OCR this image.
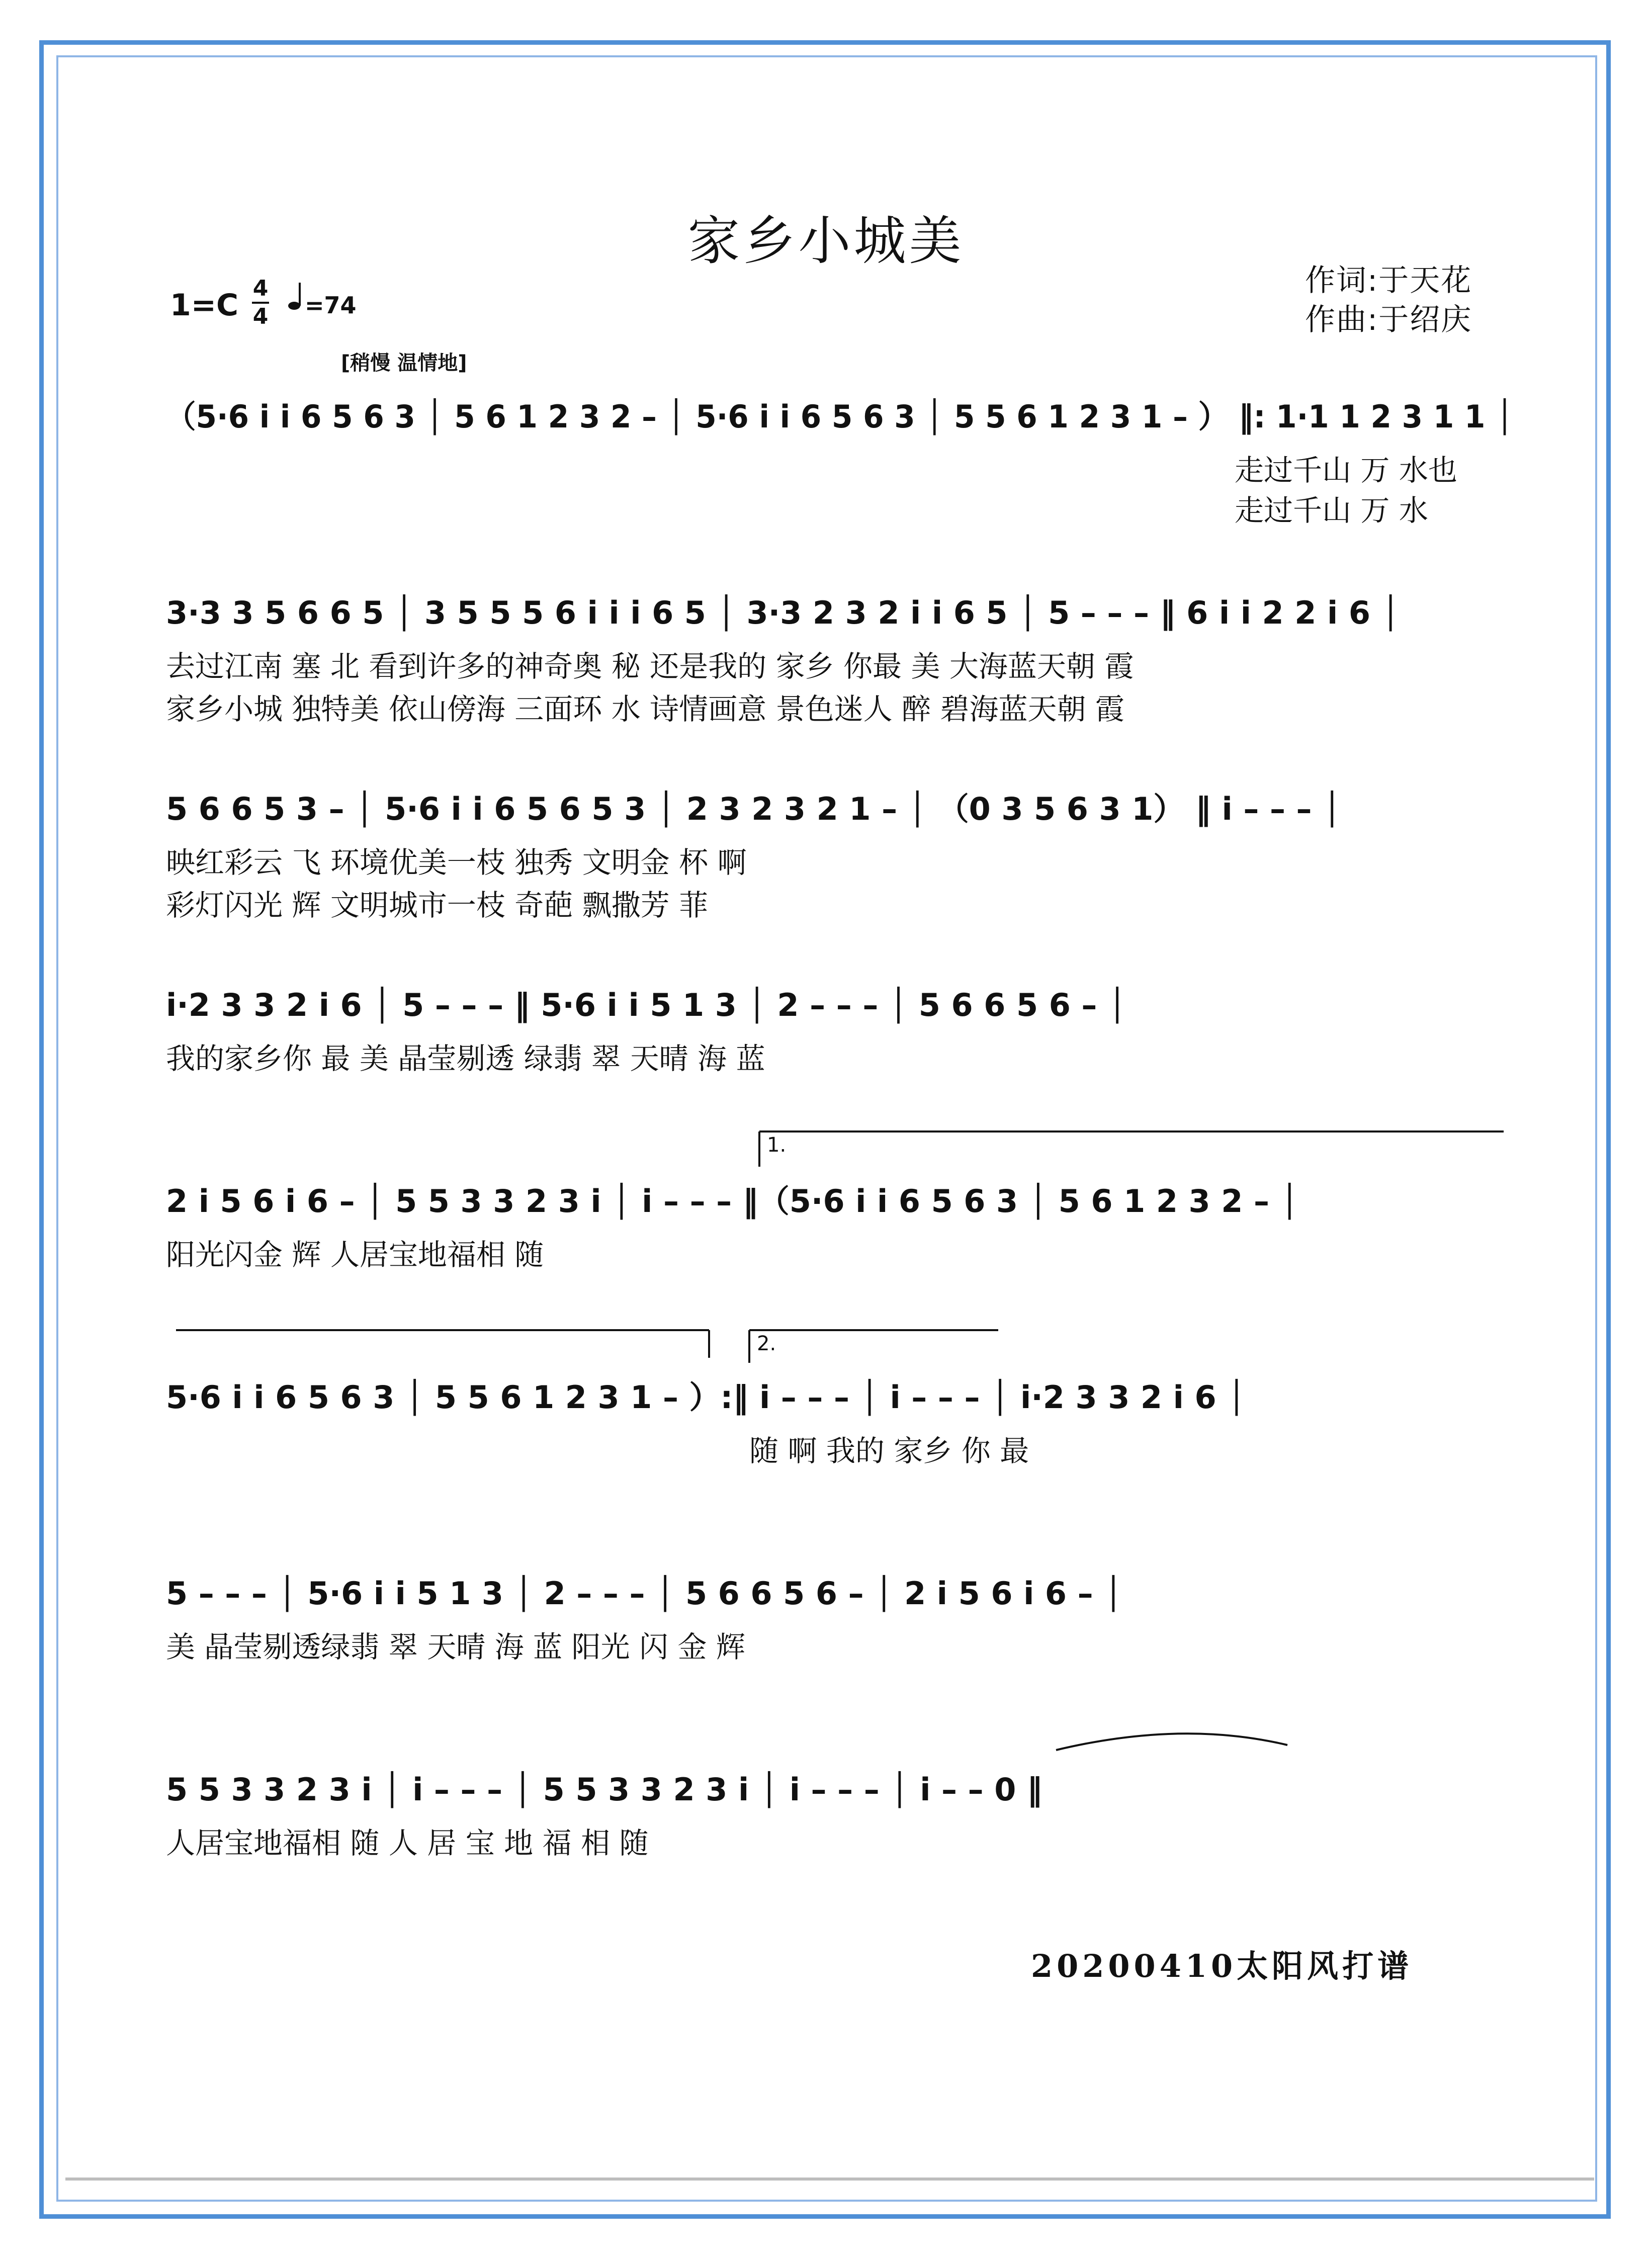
家乡小城美
1=C 4
4 =74
[稍慢 温情地]
作词:于天花
作曲:于绍庆
（5·6 i i 6 5 6 3 │ 5 6 1 2 3 2 – │ 5·6 i i 6 5 6 3 │ 5 5 6 1 2 3 1 – ） ‖: 1·1 1 2 3 1 1 │
走过千山 万 水也
走过千山 万 水
3·3 3 5 6 6 5 │ 3 5 5 5 6 i i i 6 5 │ 3·3 2 3 2 i i 6 5 │ 5 – – – ‖ 6 i i 2 2 i 6 │
去过江南 塞 北 看到许多的神奇奥 秘 还是我的 家乡 你最 美 大海蓝天朝 霞
家乡小城 独特美 依山傍海 三面环 水 诗情画意 景色迷人 醉 碧海蓝天朝 霞
5 6 6 5 3 – │ 5·6 i i 6 5 6 5 3 │ 2 3 2 3 2 1 – │ （0 3 5 6 3 1） ‖ i – – – │
映红彩云 飞 环境优美一枝 独秀 文明金 杯 啊
彩灯闪光 辉 文明城市一枝 奇葩 飘撒芳 菲
i·2 3 3 2 i 6 │ 5 – – – ‖ 5·6 i i 5 1 3 │ 2 – – – │ 5 6 6 5 6 – │
我的家乡你 最 美 晶莹剔透 绿翡 翠 天晴 海 蓝
1.
2 i 5 6 i 6 – │ 5 5 3 3 2 3 i │ i – – – ‖（5·6 i i 6 5 6 3 │ 5 6 1 2 3 2 – │
阳光闪金 辉 人居宝地福相 随
2.
5·6 i i 6 5 6 3 │ 5 5 6 1 2 3 1 – ）:‖ i – – – │ i – – – │ i·2 3 3 2 i 6 │
随 啊 我的 家乡 你 最
5 – – – │ 5·6 i i 5 1 3 │ 2 – – – │ 5 6 6 5 6 – │ 2 i 5 6 i 6 – │
美 晶莹剔透绿翡 翠 天晴 海 蓝 阳光 闪 金 辉
5 5 3 3 2 3 i │ i – – – │ 5 5 3 3 2 3 i │ i – – – │ i – – 0 ‖
人居宝地福相 随 人 居 宝 地 福 相 随
20200410太阳风打谱
